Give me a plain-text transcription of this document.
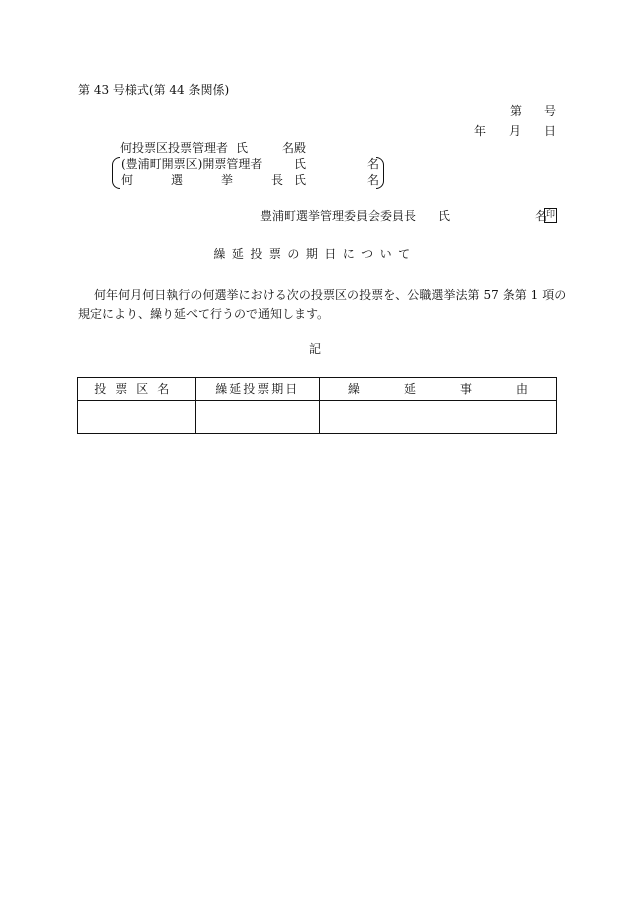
第 43 号様式(第 44 条関係)
第 号
年 月 日
何投票区投票管理者 氏	名殿
(豊浦町開票区)開票管理者	氏	名
何	選	挙	長 氏	名
豊浦町選挙管理委員会委員長 氏	名
印
繰延投票の期日について
何年何月何日執行の何選挙における次の投票区の投票を、公職選挙法第 57 条第 1 項の
規定により、繰り延べて行うので通知します。
記
投票区名	繰延投票期日	繰 延 事 由
